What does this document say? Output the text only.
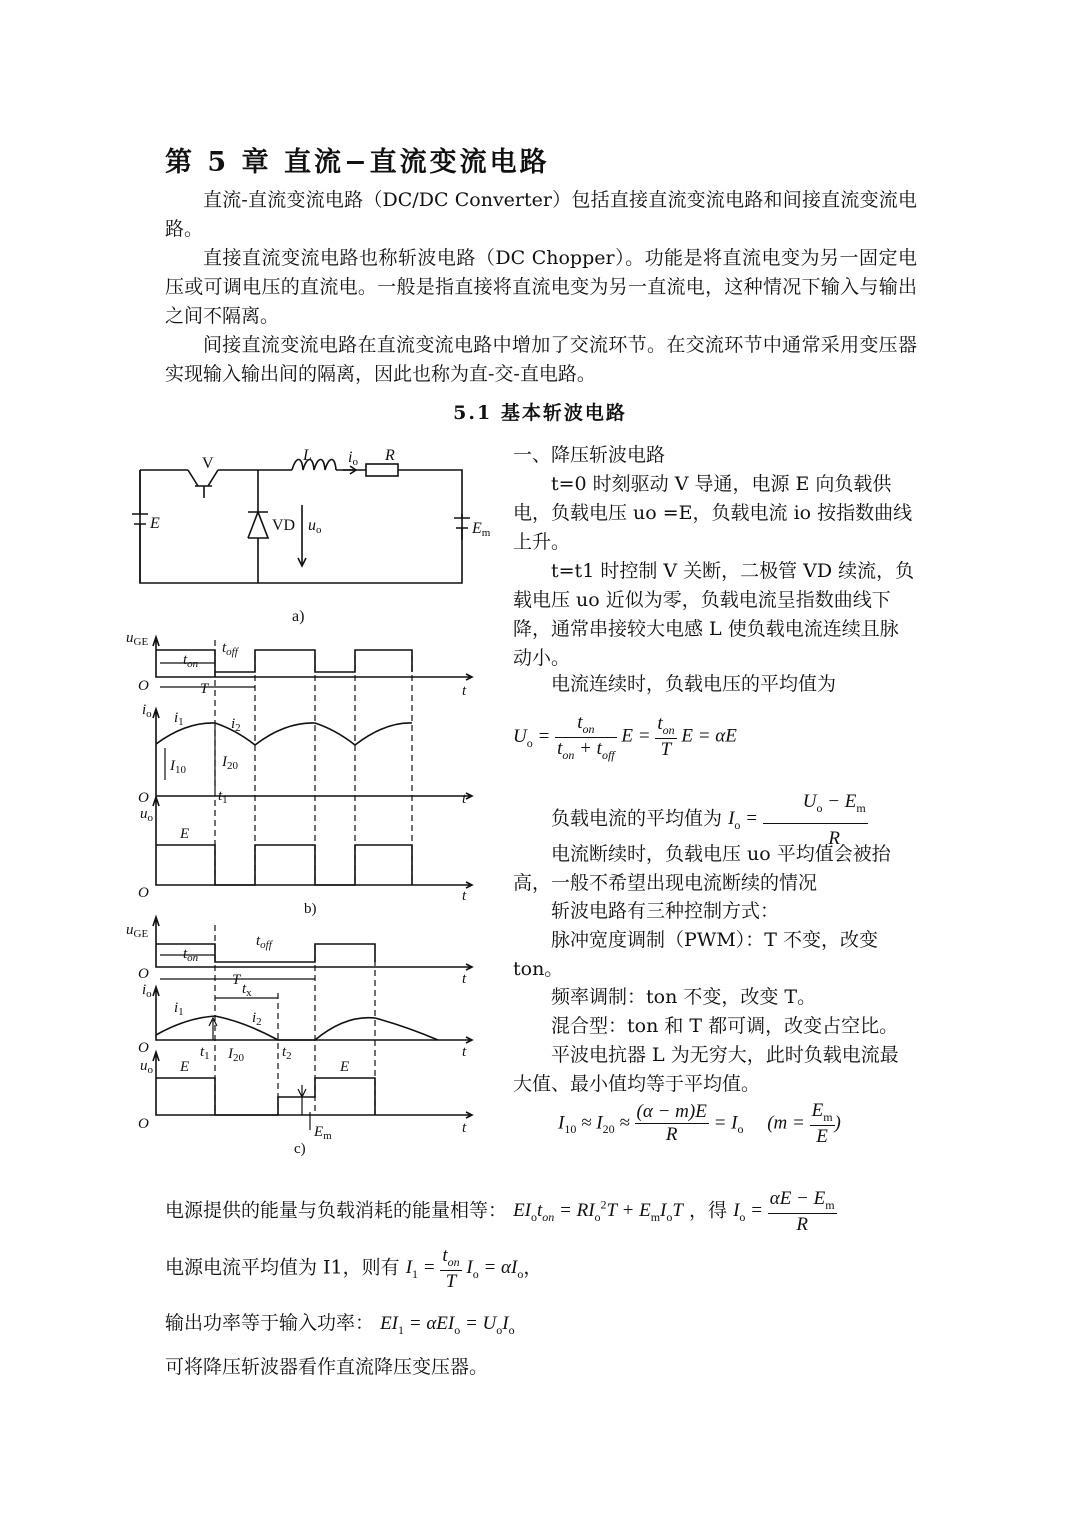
第 5 章 直流−直流变流电路
直流-直流变流电路（DC/DC Converter）包括直接直流变流电路和间接直流变流电路。
直接直流变流电路也称斩波电路（DC Chopper）。功能是将直流电变为另一固定电压或可调电压的直流电。一般是指直接将直流电变为另一直流电，这种情况下输入与输出之间不隔离。
间接直流变流电路在直流变流电路中增加了交流环节。在交流环节中通常采用变压器实现输入输出间的隔离，因此也称为直-交-直电路。
5.1 基本斩波电路
一、降压斩波电路
t=0 时刻驱动 V 导通，电源 E 向负载供电，负载电压 uo =E，负载电流 io 按指数曲线上升。
t=t1 时控制 V 关断，二极管 VD 续流，负载电压 uo 近似为零，负载电流呈指数曲线下降，通常串接较大电感 L 使负载电流连续且脉动小。
电流连续时，负载电压的平均值为
$U_o = \frac{t_{on}}{t_{on} + t_{off}}$ $E = \frac{t_{on}}{T}$ E = αE
负载电流的平均值为 $I_o = \frac{U_o - E_m}{R}$
电流断续时，负载电压 uo 平均值会被抬高，一般不希望出现电流断续的情况
斩波电路有三种控制方式：
脉冲宽度调制（PWM）：T 不变，改变 ton。
频率调制：ton 不变，改变 T。
混合型：ton 和 T 都可调，改变占空比。
平波电抗器 L 为无穷大，此时负载电流最大值、最小值均等于平均值。
$I_{10} \approx I_{20} \approx \frac{(\alpha - m)E}{R} = I_o$     ($m = \frac{E_m}{E}$ )
电源提供的能量与负载消耗的能量相等： $EI_ot_{on} = RI_o^2T + E_mI_oT$ ，得 $I_o = \frac{\alpha E - E_m}{R}$
电源电流平均值为 I1，则有 $I_1 = \frac{t_{on}}{T} I_o = \alpha I_o$，
输出功率等于输入功率： $EI_1 = \alpha EI_o = U_oI_o$
可将降压斩波器看作直流降压变压器。
V	L io R
VD uo
E	Em
a)
$u_{GE}$
O	t
$t_{on}$
$t_{off}$
T
$i_o$ $i_1$	$i_2$
$I_{10}$ $I_{20}$
O	$t_1$	t
$u_o$
E
O	t
b)
$u_{GE}$
O	t
$t_{on}$
$t_{off}$
T
$t_x$
$i_o$
$i_1$	$i_2$
O	$t_1$ $I_{20}$	$t_2$	t
$u_o$ E	E
O	t
$E_m$
c)
